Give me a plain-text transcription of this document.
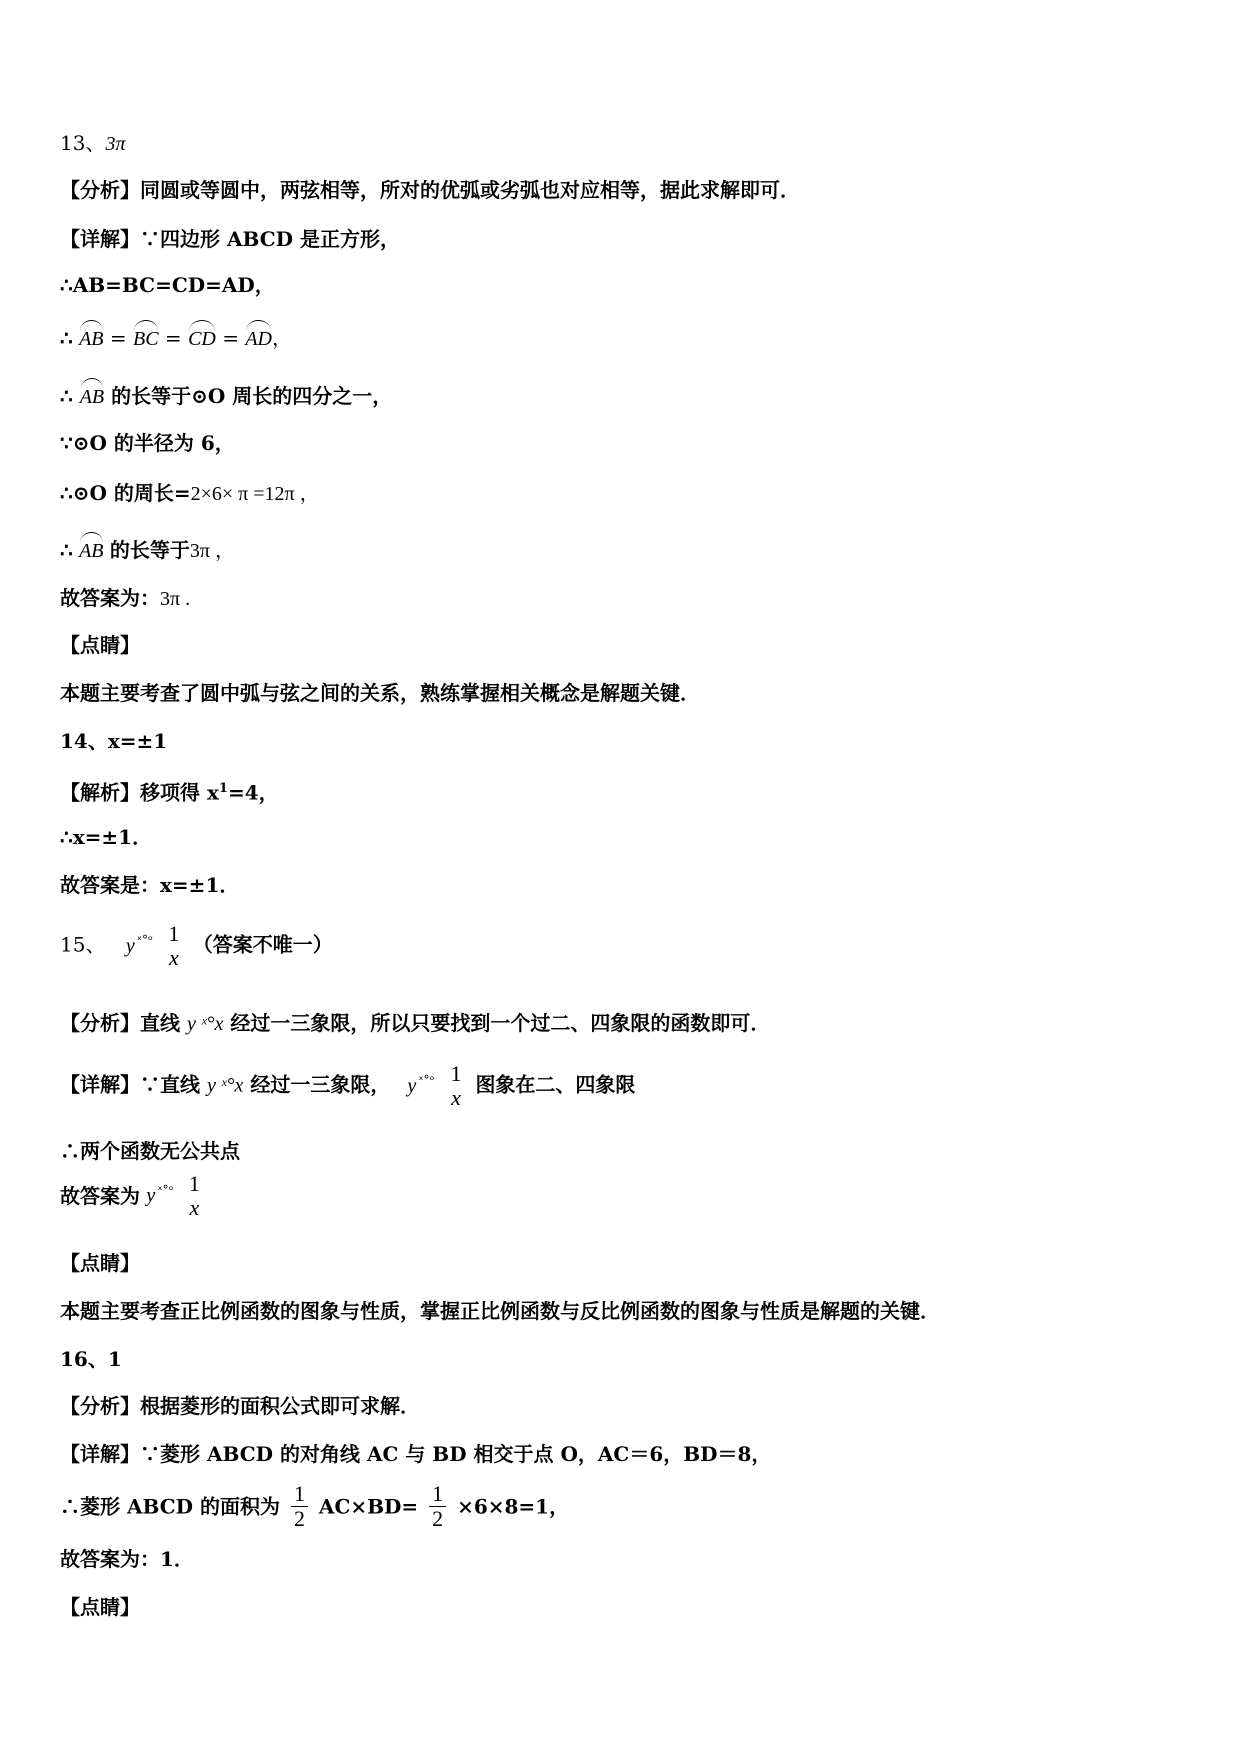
13、3π
【分析】同圆或等圆中，两弦相等，所对的优弧或劣弧也对应相等，据此求解即可．
【详解】∵四边形 ABCD 是正方形，
∴AB=BC=CD=AD，
∴ AB = BC = CD = AD，
∴ AB 的长等于⊙O 周长的四分之一，
∵⊙O 的半径为 6，
∴⊙O 的周长=2×6× π =12π ，
∴ AB 的长等于3π ，
故答案为：3π .
【点睛】
本题主要考查了圆中弧与弦之间的关系，熟练掌握相关概念是解题关键．
14、x=±1
【解析】移项得 $x^1=4$，
∴x=±1．
故答案是：x=±1．
15、 y $^{ˣ^\circ ᵒ}$ 1
x
（答案不唯一）
【分析】直线 y ˣ°x 经过一三象限，所以只要找到一个过二、四象限的函数即可．
【详解】∵直线 y ˣ°x 经过一三象限， y $^{ˣ^\circ ᵒ}$ 1
x
图象在二、四象限
∴两个函数无公共点
故答案为 y $^{ˣ^\circ ᵒ}$ 1
x
【点睛】
本题主要考查正比例函数的图象与性质，掌握正比例函数与反比例函数的图象与性质是解题的关键．
16、1
【分析】根据菱形的面积公式即可求解．
【详解】∵菱形 ABCD 的对角线 AC 与 BD 相交于点 O，AC＝6，BD＝8，
∴菱形 ABCD 的面积为 $\frac{1}{2} AC\times BD= \frac{1}{2} \times 6\times 8=1$，
故答案为：1．
【点睛】
